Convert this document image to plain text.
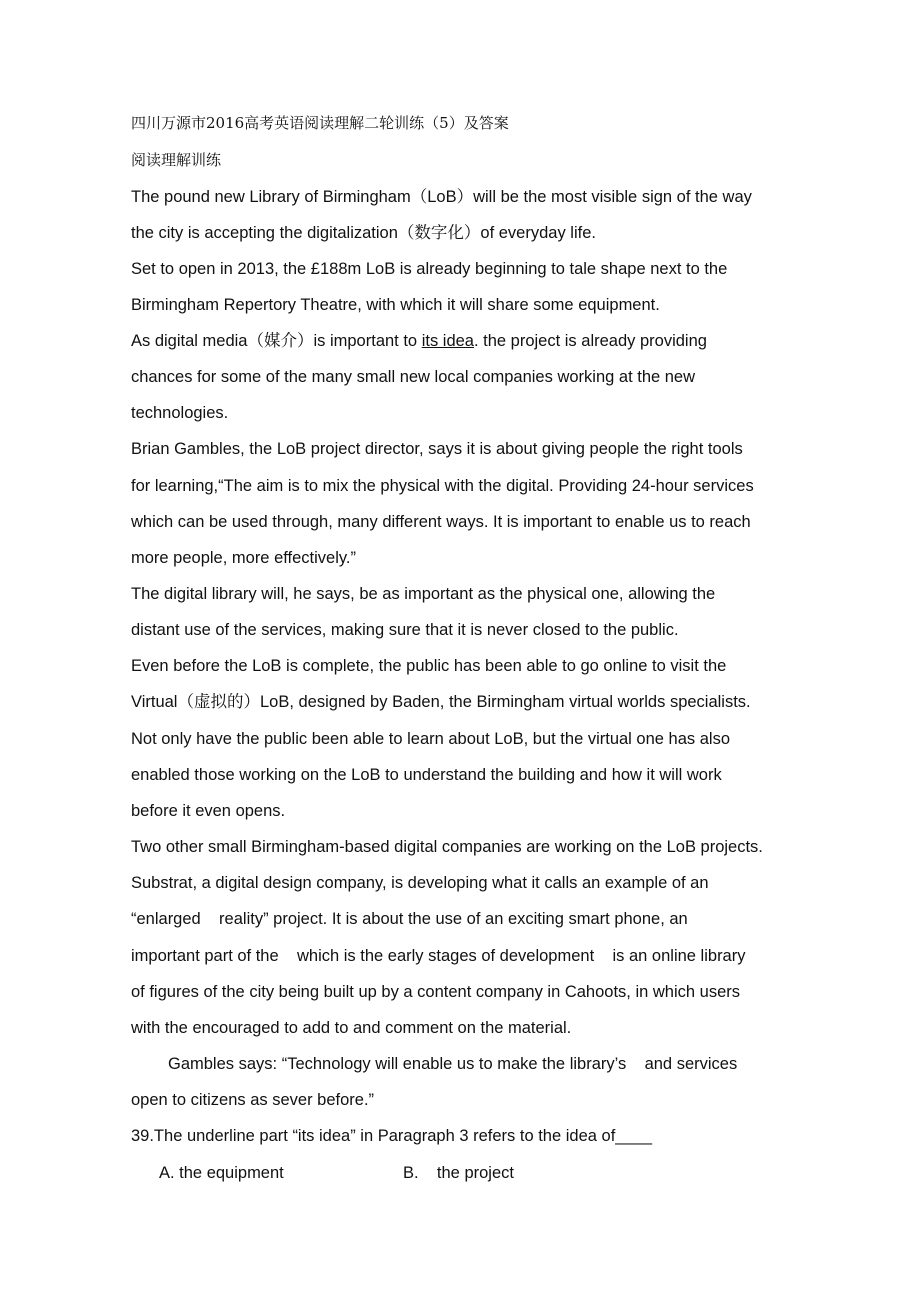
四川万源市2016高考英语阅读理解二轮训练（5）及答案
阅读理解训练
The pound new Library of Birmingham（LoB）will be the most visible sign of the way
the city is accepting the digitalization（数字化）of everyday life.
Set to open in 2013, the £188m LoB is already beginning to tale shape next to the
Birmingham Repertory Theatre, with which it will share some equipment.
As digital media（媒介）is important to its idea. the project is already providing
chances for some of the many small new local companies working at the new
technologies.
Brian Gambles, the LoB project director, says it is about giving people the right tools
for learning,“The aim is to mix the physical with the digital. Providing 24-hour services
which can be used through, many different ways. It is important to enable us to reach
more people, more effectively.”
The digital library will, he says, be as important as the physical one, allowing the
distant use of the services, making sure that it is never closed to the public.
Even before the LoB is complete, the public has been able to go online to visit the
Virtual（虚拟的）LoB, designed by Baden, the Birmingham virtual worlds specialists.
Not only have the public been able to learn about LoB, but the virtual one has also
enabled those working on the LoB to understand the building and how it will work
before it even opens.
Two other small Birmingham-based digital companies are working on the LoB projects.
Substrat, a digital design company, is developing what it calls an example of an
“enlarged    reality” project. It is about the use of an exciting smart phone, an
important part of the    which is the early stages of development    is an online library
of figures of the city being built up by a content company in Cahoots, in which users
with the encouraged to add to and comment on the material.
Gambles says: “Technology will enable us to make the library’s    and services
open to citizens as sever before.”
39.The underline part “its idea” in Paragraph 3 refers to the idea of____
A. the equipment	B.    the project
